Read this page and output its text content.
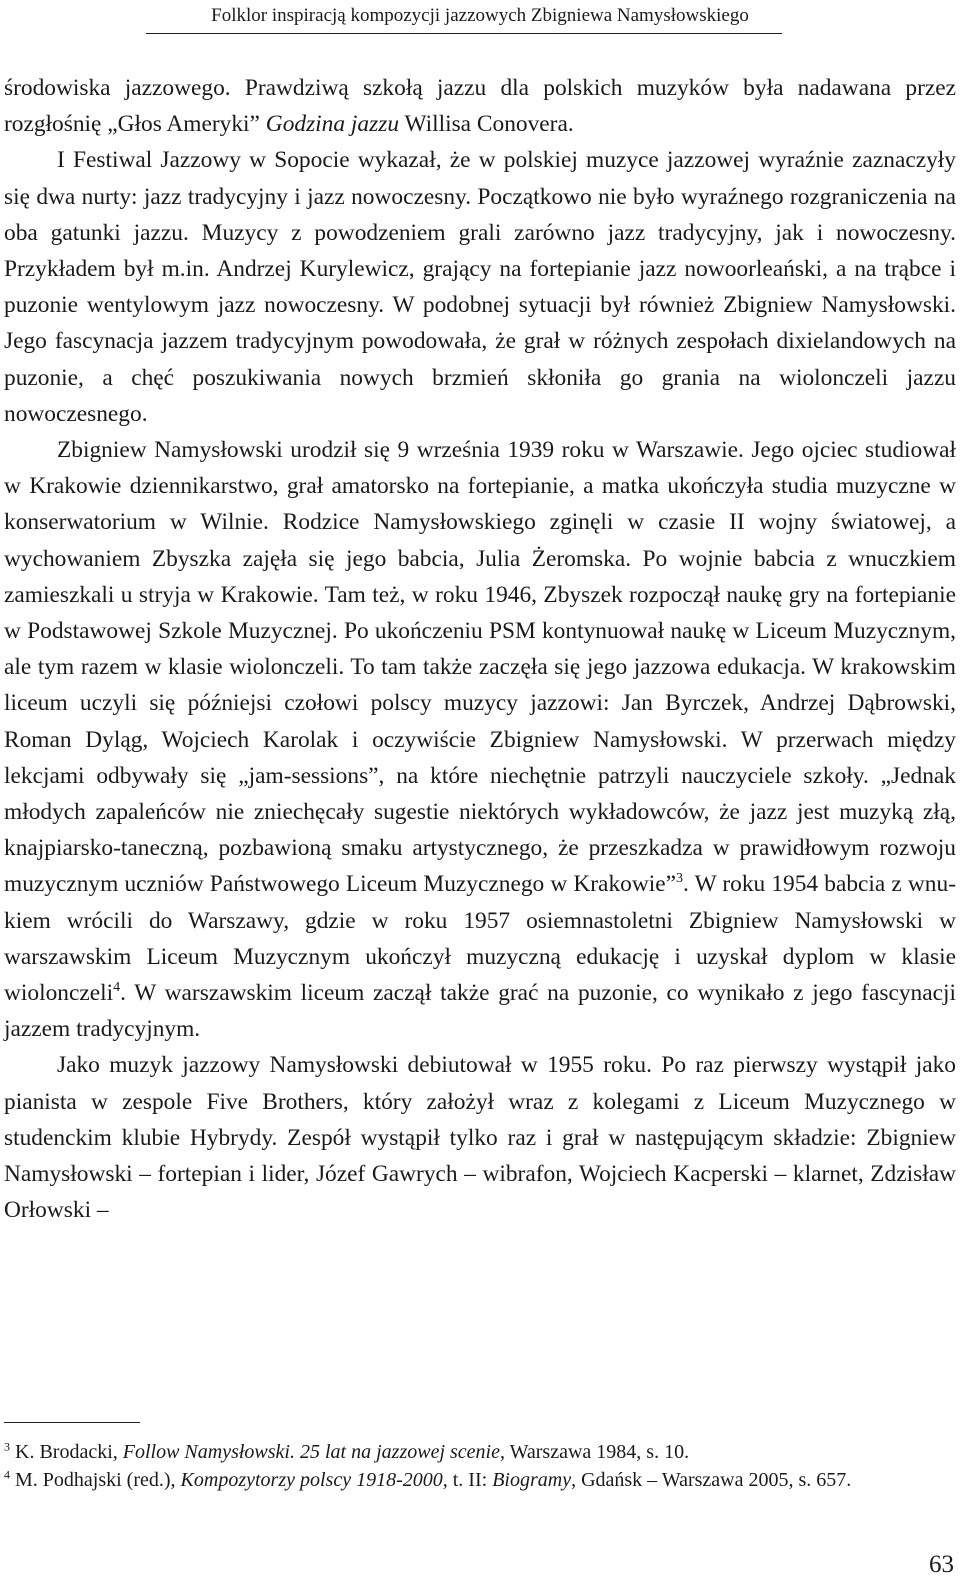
Folklor inspiracją kompozycji jazzowych Zbigniewa Namysłowskiego

środowiska jazzowego. Prawdziwą szkołą jazzu dla polskich muzyków była nadawana przez rozgłośnię „Głos Ameryki” Godzina jazzu Willisa Conovera.

I Festiwal Jazzowy w Sopocie wykazał, że w polskiej muzyce jazzowej wyraźnie zaznaczyły się dwa nurty: jazz tradycyjny i jazz nowoczesny. Początkowo nie było wyraźnego rozgraniczenia na oba gatunki jazzu. Muzycy z powodzeniem grali zarówno jazz tradycyjny, jak i nowoczesny. Przykładem był m.in. Andrzej Kurylewicz, grający na fortepianie jazz nowoorleański, a na trąbce i puzonie wentylowym jazz nowoczesny. W podobnej sytuacji był również Zbigniew Namysłowski. Jego fascynacja jazzem tradycyjnym powodowała, że grał w różnych zespołach dixielandowych na puzonie, a chęć poszukiwania nowych brzmień skłoniła go grania na wiolonczeli jazzu nowoczesnego.

Zbigniew Namysłowski urodził się 9 września 1939 roku w Warszawie. Jego ojciec studiował w Krakowie dziennikarstwo, grał amatorsko na fortepianie, a matka ukończyła studia muzyczne w konserwatorium w Wilnie. Rodzice Namysłowskiego zginęli w czasie II wojny światowej, a wychowaniem Zbyszka zajęła się jego babcia, Julia Żeromska. Po wojnie babcia z wnuczkiem zamieszkali u stryja w Krakowie. Tam też, w roku 1946, Zbyszek rozpoczął naukę gry na fortepianie w Podstawowej Szkole Muzycznej. Po ukończeniu PSM kontynuował naukę w Liceum Muzycznym, ale tym razem w klasie wiolonczeli. To tam także zaczęła się jego jazzowa edukacja. W krakowskim liceum uczyli się późniejsi czołowi polscy muzycy jazzowi: Jan Byrczek, Andrzej Dąbrowski, Roman Dyląg, Wojciech Karolak i oczywiście Zbigniew Namysłowski. W przerwach między lekcjami odbywały się „jam-sessions”, na które niechętnie patrzyli nauczyciele szkoły. „Jednak młodych zapaleńców nie zniechęcały sugestie niektórych wykładowców, że jazz jest muzyką złą, knajpiarsko-taneczną, pozbawioną smaku artystycznego, że przeszkadza w prawidłowym rozwoju muzycznym uczniów Państwowego Liceum Muzycznego w Krakowie”$^3$. W roku 1954 babcia z wnukiem wrócili do Warszawy, gdzie w roku 1957 osiemnastoletni Zbigniew Namysłowski w warszawskim Liceum Muzycznym ukończył muzyczną edukację i uzyskał dyplom w klasie wiolonczeli$^4$. W warszawskim liceum zaczął także grać na puzonie, co wynikało z jego fascynacji jazzem tradycyjnym.

Jako muzyk jazzowy Namysłowski debiutował w 1955 roku. Po raz pierwszy wystąpił jako pianista w zespole Five Brothers, który założył wraz z kolegami z Liceum Muzycznego w studenckim klubie Hybrydy. Zespół wystąpił tylko raz i grał w następującym składzie: Zbigniew Namysłowski – fortepian i lider, Józef Gawrych – wibrafon, Wojciech Kacperski – klarnet, Zdzisław Orłowski –

$^3$ K. Brodacki, Follow Namysłowski. 25 lat na jazzowej scenie, Warszawa 1984, s. 10.

$^4$ M. Podhajski (red.), Kompozytorzy polscy 1918-2000, t. II: Biogramy, Gdańsk – Warszawa 2005, s. 657.

63
